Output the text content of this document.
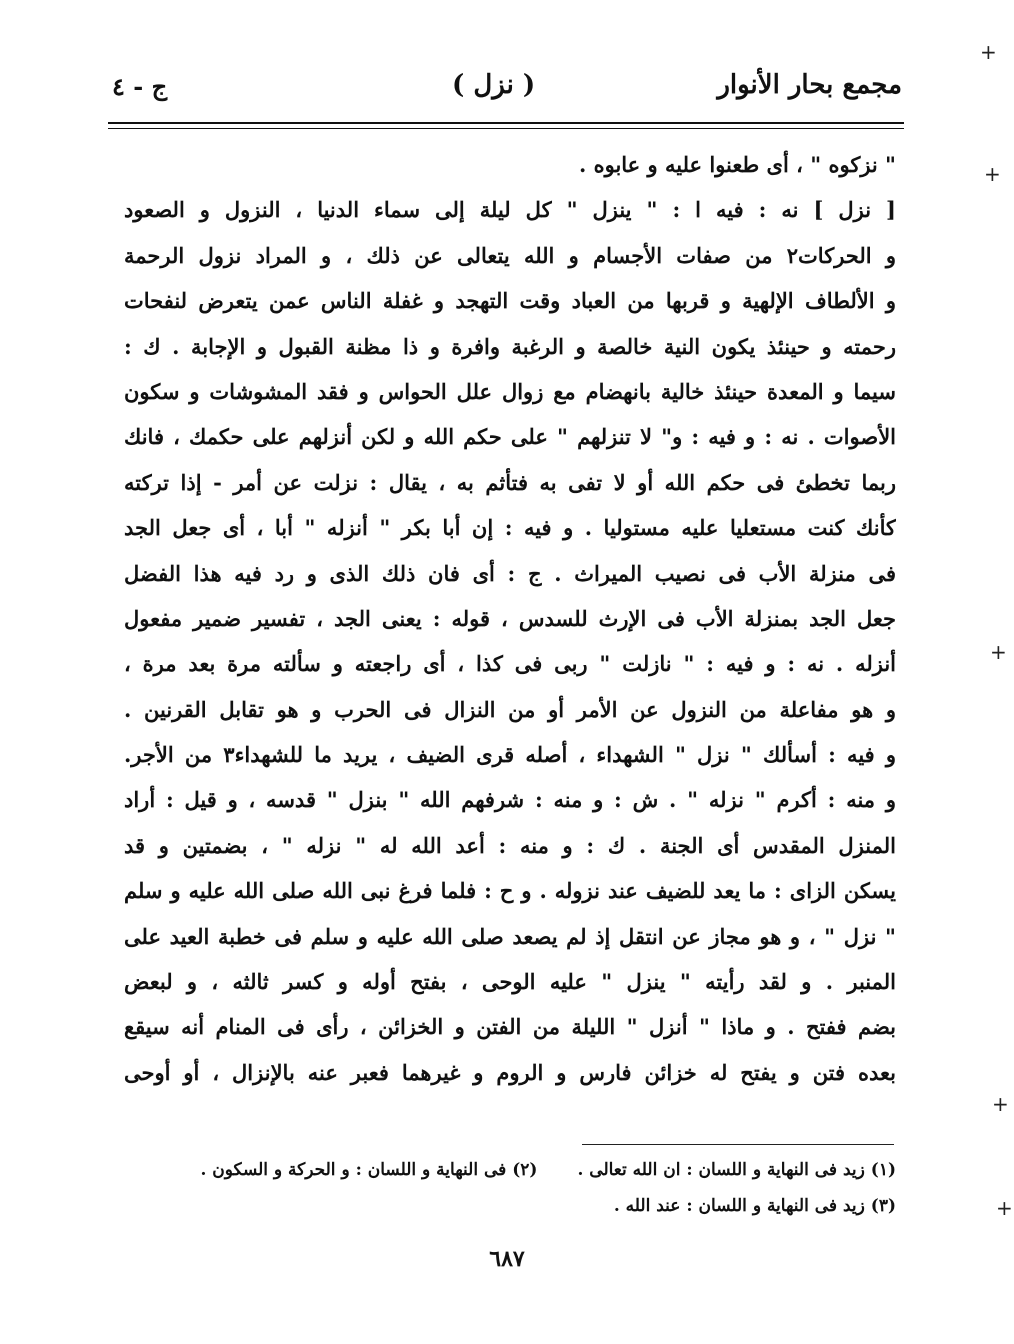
مجمع بحار الأنوار
( نزل )
ج - ٤
" نزكوه " ، أى طعنوا عليه و عابوه .
[ نزل ] نه : فيه ا : " ينزل " كل ليلة إلى سماء الدنيا ، النزول و الصعود
و الحركات٢ من صفات الأجسام و الله يتعالى عن ذلك ، و المراد نزول الرحمة
و الألطاف الإلهية و قربها من العباد وقت التهجد و غفلة الناس عمن يتعرض لنفحات
رحمته و حينئذ يكون النية خالصة و الرغبة وافرة و ذا مظنة القبول و الإجابة . ك :
سيما و المعدة حينئذ خالية بانهضام مع زوال علل الحواس و فقد المشوشات و سكون
الأصوات . نه : و فيه : و" لا تنزلهم " على حكم الله و لكن أنزلهم على حكمك ، فانك
ربما تخطئ فى حكم الله أو لا تفى به فتأثم به ، يقال : نزلت عن أمر - إذا تركته
كأنك كنت مستعليا عليه مستوليا . و فيه : إن أبا بكر " أنزله " أبا ، أى جعل الجد
فى منزلة الأب فى نصيب الميراث . ج : أى فان ذلك الذى و رد فيه هذا الفضل
جعل الجد بمنزلة الأب فى الإرث للسدس ، قوله : يعنى الجد ، تفسير ضمير مفعول
أنزله . نه : و فيه : " نازلت " ربى فى كذا ، أى راجعته و سألته مرة بعد مرة ،
و هو مفاعلة من النزول عن الأمر أو من النزال فى الحرب و هو تقابل القرنين .
و فيه : أسألك " نزل " الشهداء ، أصله قرى الضيف ، يريد ما للشهداء٣ من الأجر.
و منه : أكرم " نزله " . ش : و منه : شرفهم الله " بنزل " قدسه ، و قيل : أراد
المنزل المقدس أى الجنة . ك : و منه : أعد الله له " نزله " ، بضمتين و قد
يسكن الزاى : ما يعد للضيف عند نزوله . و ح : فلما فرغ نبى الله صلى الله عليه و سلم
" نزل " ، و هو مجاز عن انتقل إذ لم يصعد صلى الله عليه و سلم فى خطبة العيد على
المنبر . و لقد رأيته " ينزل " عليه الوحى ، بفتح أوله و كسر ثالثه ، و لبعض
بضم ففتح . و ماذا " أنزل " الليلة من الفتن و الخزائن ، رأى فى المنام أنه سيقع
بعده فتن و يفتح له خزائن فارس و الروم و غيرهما فعبر عنه بالإنزال ، أو أوحى
(١) زيد فى النهاية و اللسان : ان الله تعالى .(٢) فى النهاية و اللسان : و الحركة و السكون .
(٣) زيد فى النهاية و اللسان : عند الله .
٦٨٧
+
+
+
+
+
